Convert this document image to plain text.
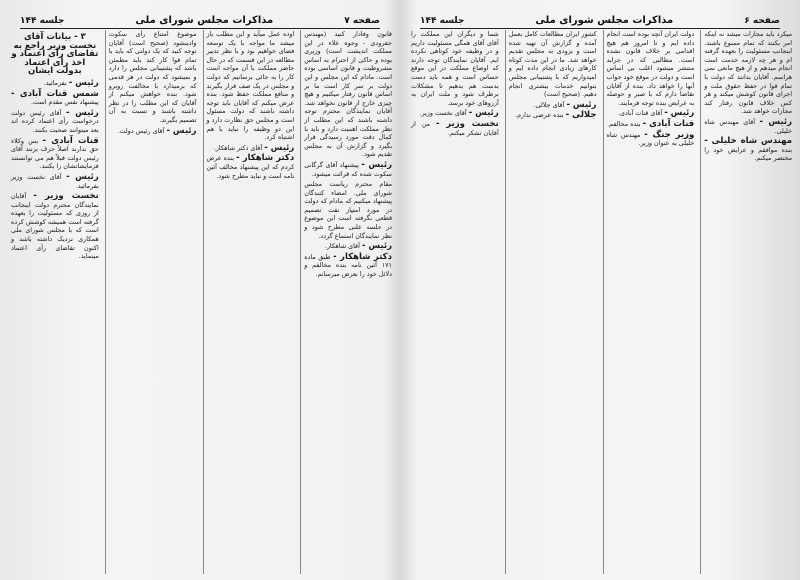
صفحه ۷
مذاکرات مجلس شورای ملی
جلسه ۱۴۴

قانون وفادار کنید (مهندس جفرودی - وجوه علاء در این مملکت اندیشت است) وزیری بوده و حاکی از احترام به اساس مشروطیت و قانون اساسی بوده است. مادام که این مجلس و این دولت بر سر کار است ما بر اساس قانون رفتار میکنیم و هیچ چیزی خارج از قانون نخواهد شد. آقایان نمایندگان محترم توجه داشته باشند که این مطلب از نظر مملکت اهمیت دارد و باید با کمال دقت مورد رسیدگی قرار بگیرد و گزارش آن به مجلس تقدیم شود.

رئیس - پیشنهاد آقای گرگانی سکوت شده که قرائت میشود.

مقام محترم ریاست مجلس شورای ملی. امضاء کنندگان پیشنهاد میکنیم که مادام که دولت در مورد امتیاز نفت تصمیم قطعی نگرفته است این موضوع در جلسه علنی مطرح شود و نظر نمایندگان استماع گردد.

رئیس - آقای شاهکار.

دکتر شاهکار - طبق ماده ۱۷۱ آئین نامه بنده مخالفم و دلائل خود را بعرض میرسانم.

اوده عمل میآید و این مطلب باز میشد ما مواجه با یک توسعه فضای خواهیم بود و با نظر تدبیر مطالعه در این قسمت که در حال حاضر مملکت با آن مواجه است کار را به جائی برسانیم که دولت و مجلس در یک صف قرار بگیرند و منافع مملکت حفظ شود. بنده عرض میکنم که آقایان باید توجه داشته باشند که دولت مسئول است و مجلس حق نظارت دارد و این دو وظیفه را نباید با هم اشتباه کرد.

رئیس - آقای دکتر شاهکار.

دکتر شاهکار - بنده عرض کردم که این پیشنهاد مخالف آئین نامه است و نباید مطرح شود.

موضوع امتناع رأی سکوت وادینشود (صحیح است) آقایان توجه کنید که یک دولتی که باید با تمام قوا کار کند باید مطمئن باشد که پشتیبانی مجلس را دارد و نمیشود که دولت در هر قدمی که برمیدارد با مخالفت روبرو شود. بنده خواهش میکنم از آقایان که این مطلب را در نظر داشته باشند و نسبت به آن تصمیم بگیرند.

رئیس - آقای رئیس دولت.

۳ - بیانات آقای نخست وزیر راجع به تقاضای رأی اعتماد و اخذ رأی اعتماد بدولت ایشان

رئیس - بفرمائید.

شمس قنات آبادی - پیشنهاد نفس مقدم است.

رئیس - آقای رئیس دولت درخواست رأی اعتماد کرده اند بعد میتوانند صحبت بکنند.

قنات آبادی - بس وکلاء حق ندارند اصلاً حرف بزنند آقای رئیس دولت قبلاً هم می توانستند فرمایشاتشان را بکنند.

رئیس - آقای نخست وزیر بفرمائید.

نخست وزیر - آقایان نمایندگان محترم دولت اینجانب از روزی که مسئولیت را بعهده گرفته است همیشه کوشش کرده است که با مجلس شورای ملی همکاری نزدیک داشته باشد و اکنون تقاضای رأی اعتماد مینماید.

صفحه ۶
مذاکرات مجلس شورای ملی
جلسه ۱۴۴

میکرد باید مجازات میشد نه اینکه امر بکنند که تمام ممنوع باشند. اینجانب مسئولیت را بعهده گرفته ام و هر چه لازمه خدمت است انجام میدهم و از هیچ مانعی نمی هراسم. آقایان بدانند که دولت با تمام قوا در حفظ حقوق ملت و اجرای قانون کوشش میکند و هر کس خلاف قانون رفتار کند مجازات خواهد شد.

رئیس - آقای مهندس شاه خلیلی.

مهندس شاه خلیلی - بنده موافقم و عرایض خود را مختصر میکنم.

دولت ایران آنچه بوده است انجام داده ایم و تا امروز هم هیچ اقدامی بر خلاف قانون نشده است. مطالبی که در جراید منتشر میشود اغلب بی اساس است و دولت در موقع خود جواب آنها را خواهد داد. بنده از آقایان تقاضا دارم که با صبر و حوصله به عرایض بنده توجه فرمایند.

رئیس - آقای قنات آبادی.

قنات آبادی - بنده مخالفم.

وزیر جنگ - مهندس شاه خلیلی به عنوان وزیر.

کشور ایران مطالعات کامل بعمل آمده و گزارش آن تهیه شده است و بزودی به مجلس تقدیم خواهد شد. ما در این مدت کوتاه کارهای زیادی انجام داده ایم و امیدواریم که با پشتیبانی مجلس بتوانیم خدمات بیشتری انجام دهیم. (صحیح است)

رئیس - آقای جلالی.

جلالی - بنده عرضی ندارم.

شما و دیگران این مملکت را آقای آقای همگی مسئولیت داریم و در وظیفه خود کوتاهی نکرده ایم. آقایان نمایندگان توجه دارند که اوضاع مملکت در این موقع حساس است و همه باید دست بدست هم بدهیم تا مشکلات برطرف شود و ملت ایران به آرزوهای خود برسد.

رئیس - آقای نخست وزیر.

نخست وزیر - من از آقایان تشکر میکنم.
